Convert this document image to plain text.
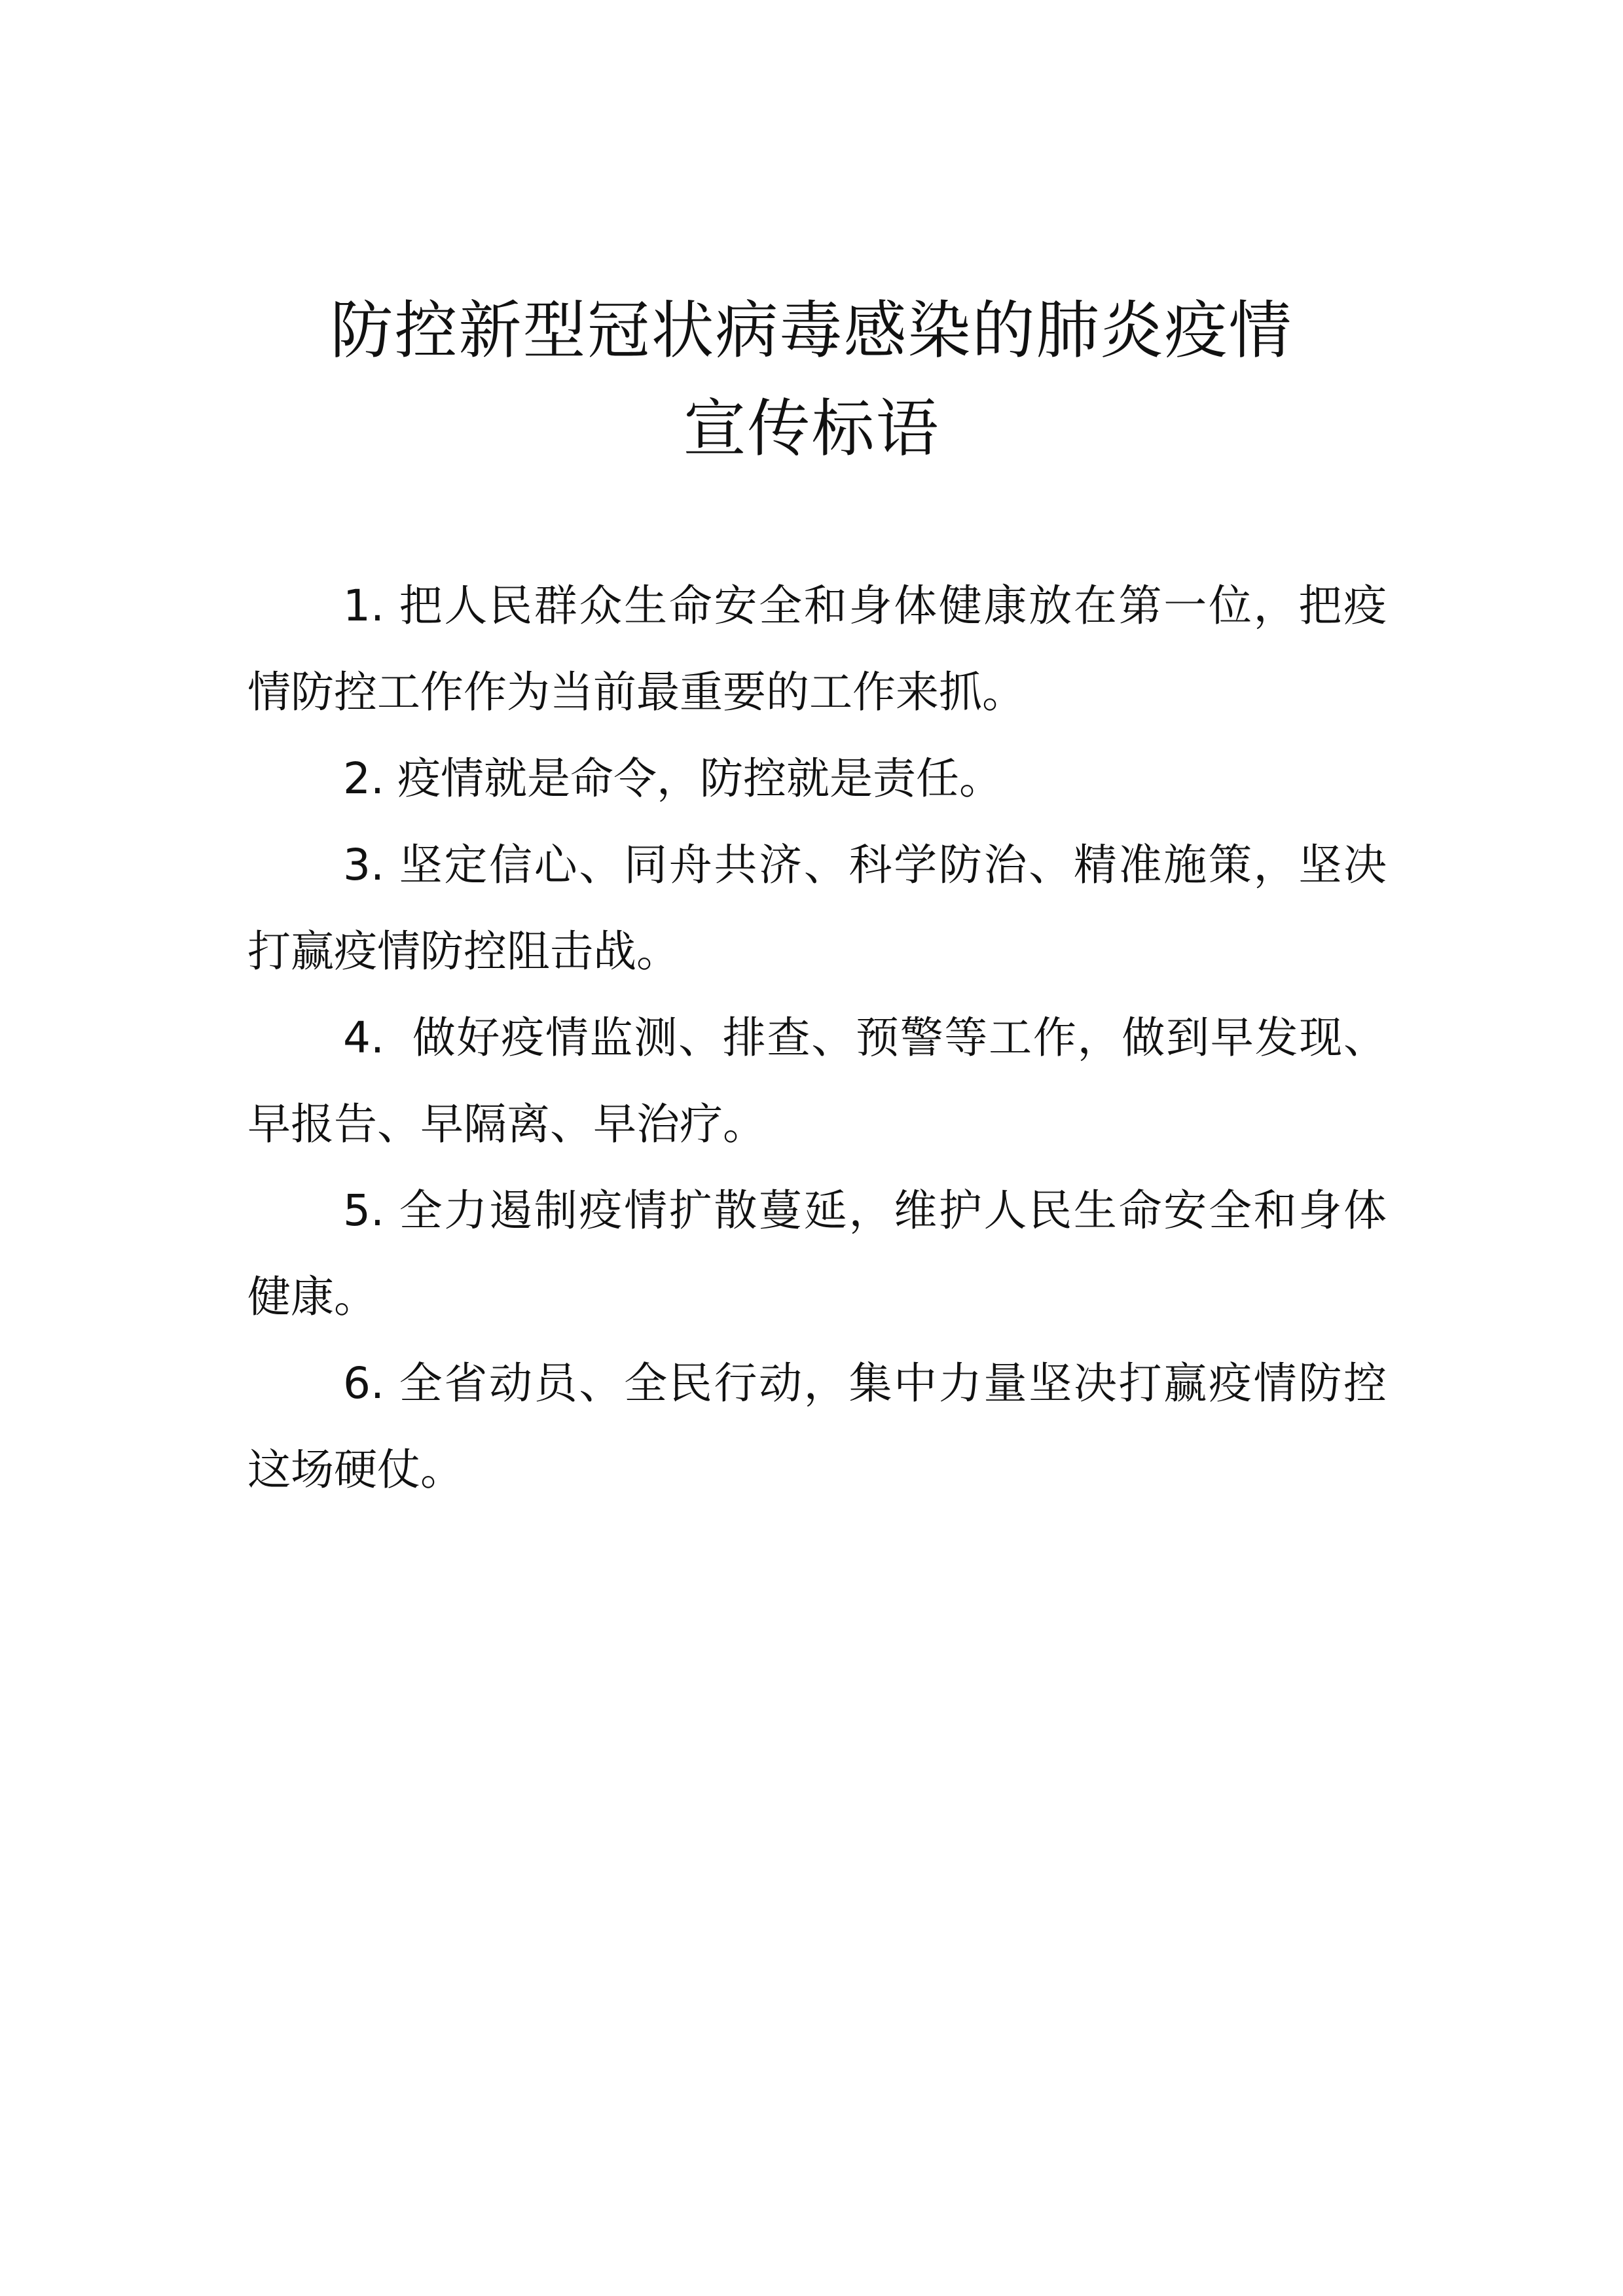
防控新型冠状病毒感染的肺炎疫情

宣传标语

1. 把人民群众生命安全和身体健康放在第一位，把疫情防控工作作为当前最重要的工作来抓。

2. 疫情就是命令，防控就是责任。

3. 坚定信心、同舟共济、科学防治、精准施策，坚决打赢疫情防控阻击战。

4. 做好疫情监测、排查、预警等工作，做到早发现、早报告、早隔离、早治疗。

5. 全力遏制疫情扩散蔓延，维护人民生命安全和身体健康。

6. 全省动员、全民行动，集中力量坚决打赢疫情防控这场硬仗。
